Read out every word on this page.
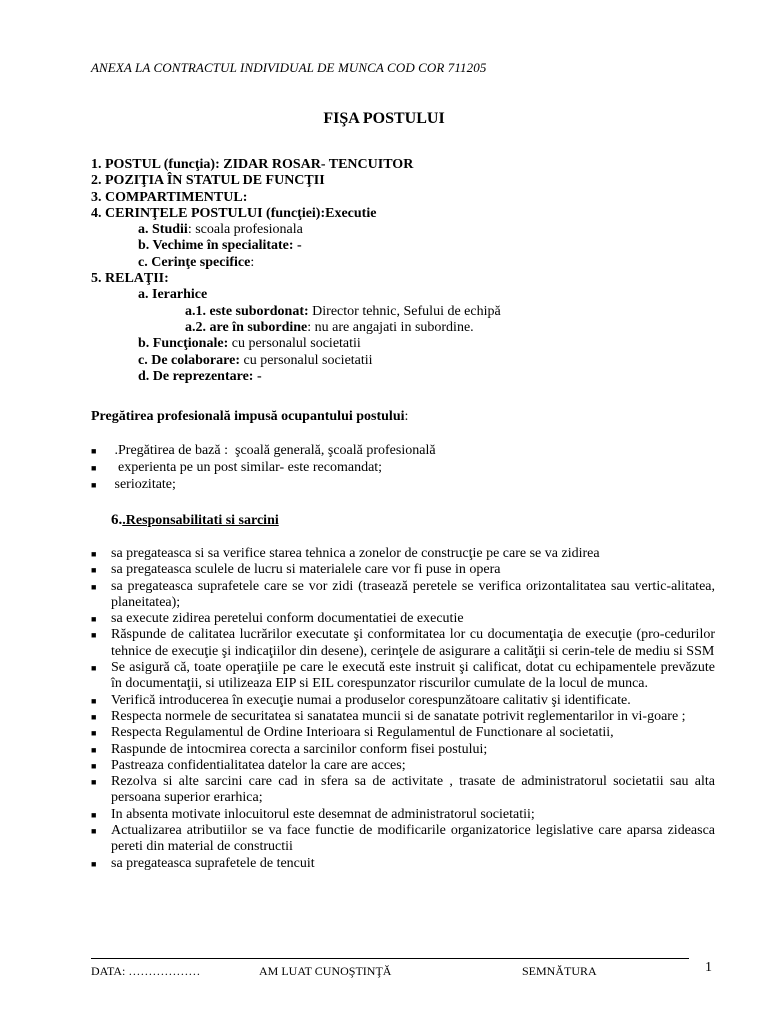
ANEXA LA CONTRACTUL INDIVIDUAL DE MUNCA COD COR 711205
FIŞA POSTULUI
1. POSTUL (funcţia): ZIDAR ROSAR- TENCUITOR
2. POZIŢIA ÎN STATUL DE FUNCŢII
3. COMPARTIMENTUL:
4. CERINŢELE POSTULUI (funcţiei):Executie
a. Studii: scoala profesionala
b. Vechime în specialitate: -
c. Cerinţe specifice:
5. RELAŢII:
a. Ierarhice
a.1. este subordonat: Director tehnic, Sefului de echipă
a.2. are în subordine: nu are angajati in subordine.
b. Funcţionale: cu personalul societatii
c. De colaborare: cu personalul societatii
d. De reprezentare: -
Pregătirea profesională impusă ocupantului postului:
■	.Pregătirea de bază :  şcoală generală, şcoală profesională
■	experienta pe un post similar- este recomandat;
■	seriozitate;
6..Responsabilitati si sarcini
■	sa pregateasca si sa verifice starea tehnica a zonelor de construcţie pe care se va zidirea
■	sa pregateasca sculele de lucru si materialele care vor fi puse in opera
■	sa pregateasca suprafetele care se vor zidi (trasează peretele se verifica orizontalitatea sau vertic-alitatea, planeitatea);
■	sa execute zidirea peretelui conform documentatiei de executie
■	Răspunde de calitatea lucrărilor executate şi conformitatea lor cu documentaţia de execuţie (pro-cedurilor tehnice de execuţie şi indicaţiilor din desene), cerinţele de asigurare a calităţii si cerin-tele de mediu si SSM
■	Se asigură că, toate operaţiile pe care le execută este instruit şi calificat, dotat cu echipamentele prevăzute în documentaţii, si utilizeaza EIP si EIL corespunzator riscurilor cumulate de la locul de munca.
■	Verifică introducerea în execuţie numai a produselor corespunzătoare calitativ şi identificate.
■	Respecta normele de securitatea si sanatatea muncii si de sanatate potrivit reglementarilor in vi-goare ;
■	Respecta Regulamentul de Ordine Interioara si Regulamentul de Functionare al societatii,
■	Raspunde de intocmirea corecta a sarcinilor conform fisei postului;
■	Pastreaza confidentialitatea datelor la care are acces;
■	Rezolva si alte sarcini care cad in sfera sa de activitate , trasate de administratorul societatii sau alta persoana superior erarhica;
■	In absenta motivate inlocuitorul este desemnat de administratorul societatii;
■	Actualizarea atributiilor se va face functie de modificarile organizatorice legislative care aparsa zideasca pereti din material de constructii
■	sa pregateasca suprafetele de tencuit
DATA: ………………	AM LUAT CUNOŞTINŢĂ	SEMNĂTURA	1
